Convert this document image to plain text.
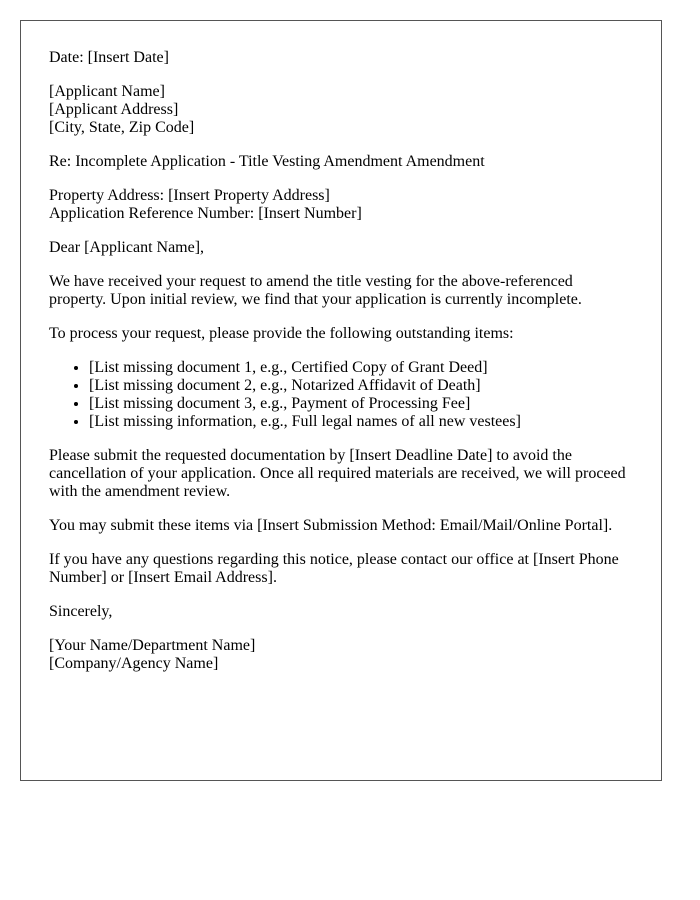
Date: [Insert Date]

[Applicant Name]
[Applicant Address]
[City, State, Zip Code]

Re: Incomplete Application - Title Vesting Amendment Amendment

Property Address: [Insert Property Address]
Application Reference Number: [Insert Number]

Dear [Applicant Name],

We have received your request to amend the title vesting for the above-referenced property. Upon initial review, we find that your application is currently incomplete.

To process your request, please provide the following outstanding items:

• [List missing document 1, e.g., Certified Copy of Grant Deed]
• [List missing document 2, e.g., Notarized Affidavit of Death]
• [List missing document 3, e.g., Payment of Processing Fee]
• [List missing information, e.g., Full legal names of all new vestees]

Please submit the requested documentation by [Insert Deadline Date] to avoid the cancellation of your application. Once all required materials are received, we will proceed with the amendment review.

You may submit these items via [Insert Submission Method: Email/Mail/Online Portal].

If you have any questions regarding this notice, please contact our office at [Insert Phone Number] or [Insert Email Address].

Sincerely,

[Your Name/Department Name]
[Company/Agency Name]
